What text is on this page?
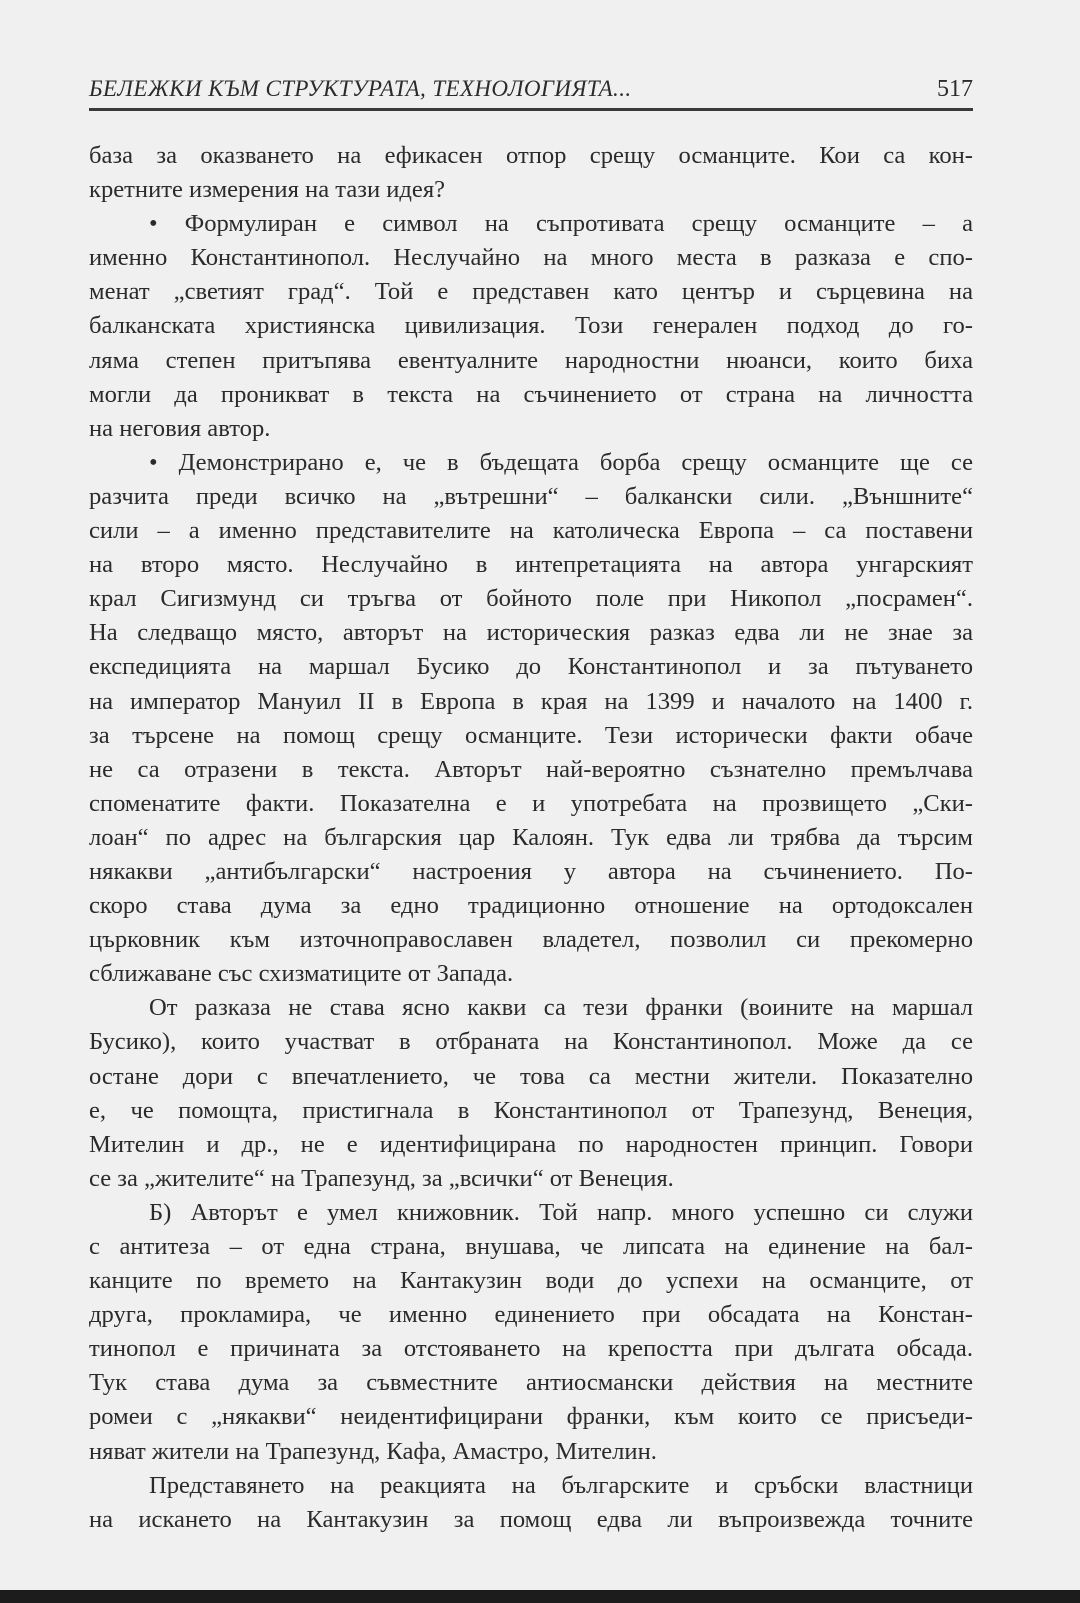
БЕЛЕЖКИ КЪМ СТРУКТУРАТА, ТЕХНОЛОГИЯТА...	517
база за оказването на ефикасен отпор срещу османците. Кои са кон-
кретните измерения на тази идея?
• Формулиран е символ на съпротивата срещу османците – а
именно Константинопол. Неслучайно на много места в разказа е спо-
менат „светият град“. Той е представен като център и сърцевина на
балканската християнска цивилизация. Този генерален подход до го-
ляма степен притъпява евентуалните народностни нюанси, които биха
могли да проникват в текста на съчинението от страна на личността
на неговия автор.
• Демонстрирано е, че в бъдещата борба срещу османците ще се
разчита преди всичко на „вътрешни“ – балкански сили. „Външните“
сили – а именно представителите на католическа Европа – са поставени
на второ място. Неслучайно в интепретацията на автора унгарският
крал Сигизмунд си тръгва от бойното поле при Никопол „посрамен“.
На следващо място, авторът на историческия разказ едва ли не знае за
експедицията на маршал Бусико до Константинопол и за пътуването
на император Мануил II в Европа в края на 1399 и началото на 1400 г.
за търсене на помощ срещу османците. Тези исторически факти обаче
не са отразени в текста. Авторът най-вероятно съзнателно премълчава
споменатите факти. Показателна е и употребата на прозвището „Ски-
лоан“ по адрес на българския цар Калоян. Тук едва ли трябва да търсим
някакви „антибългарски“ настроения у автора на съчинението. По-
скоро става дума за едно традиционно отношение на ортодоксален
църковник към източноправославен владетел, позволил си прекомерно
сближаване със схизматиците от Запада.
От разказа не става ясно какви са тези франки (воините на маршал
Бусико), които участват в отбраната на Константинопол. Може да се
остане дори с впечатлението, че това са местни жители. Показателно
е, че помощта, пристигнала в Константинопол от Трапезунд, Венеция,
Мителин и др., не е идентифицирана по народностен принцип. Говори
се за „жителите“ на Трапезунд, за „всички“ от Венеция.
Б) Авторът е умел книжовник. Той напр. много успешно си служи
с антитеза – от една страна, внушава, че липсата на единение на бал-
канците по времето на Кантакузин води до успехи на османците, от
друга, прокламира, че именно единението при обсадата на Констан-
тинопол е причината за отстояването на крепостта при дългата обсада.
Тук става дума за съвместните антиосмански действия на местните
ромеи с „някакви“ неидентифицирани франки, към които се присъеди-
няват жители на Трапезунд, Кафа, Амастро, Мителин.
Представянето на реакцията на българските и сръбски властници
на искането на Кантакузин за помощ едва ли въпроизвежда точните
